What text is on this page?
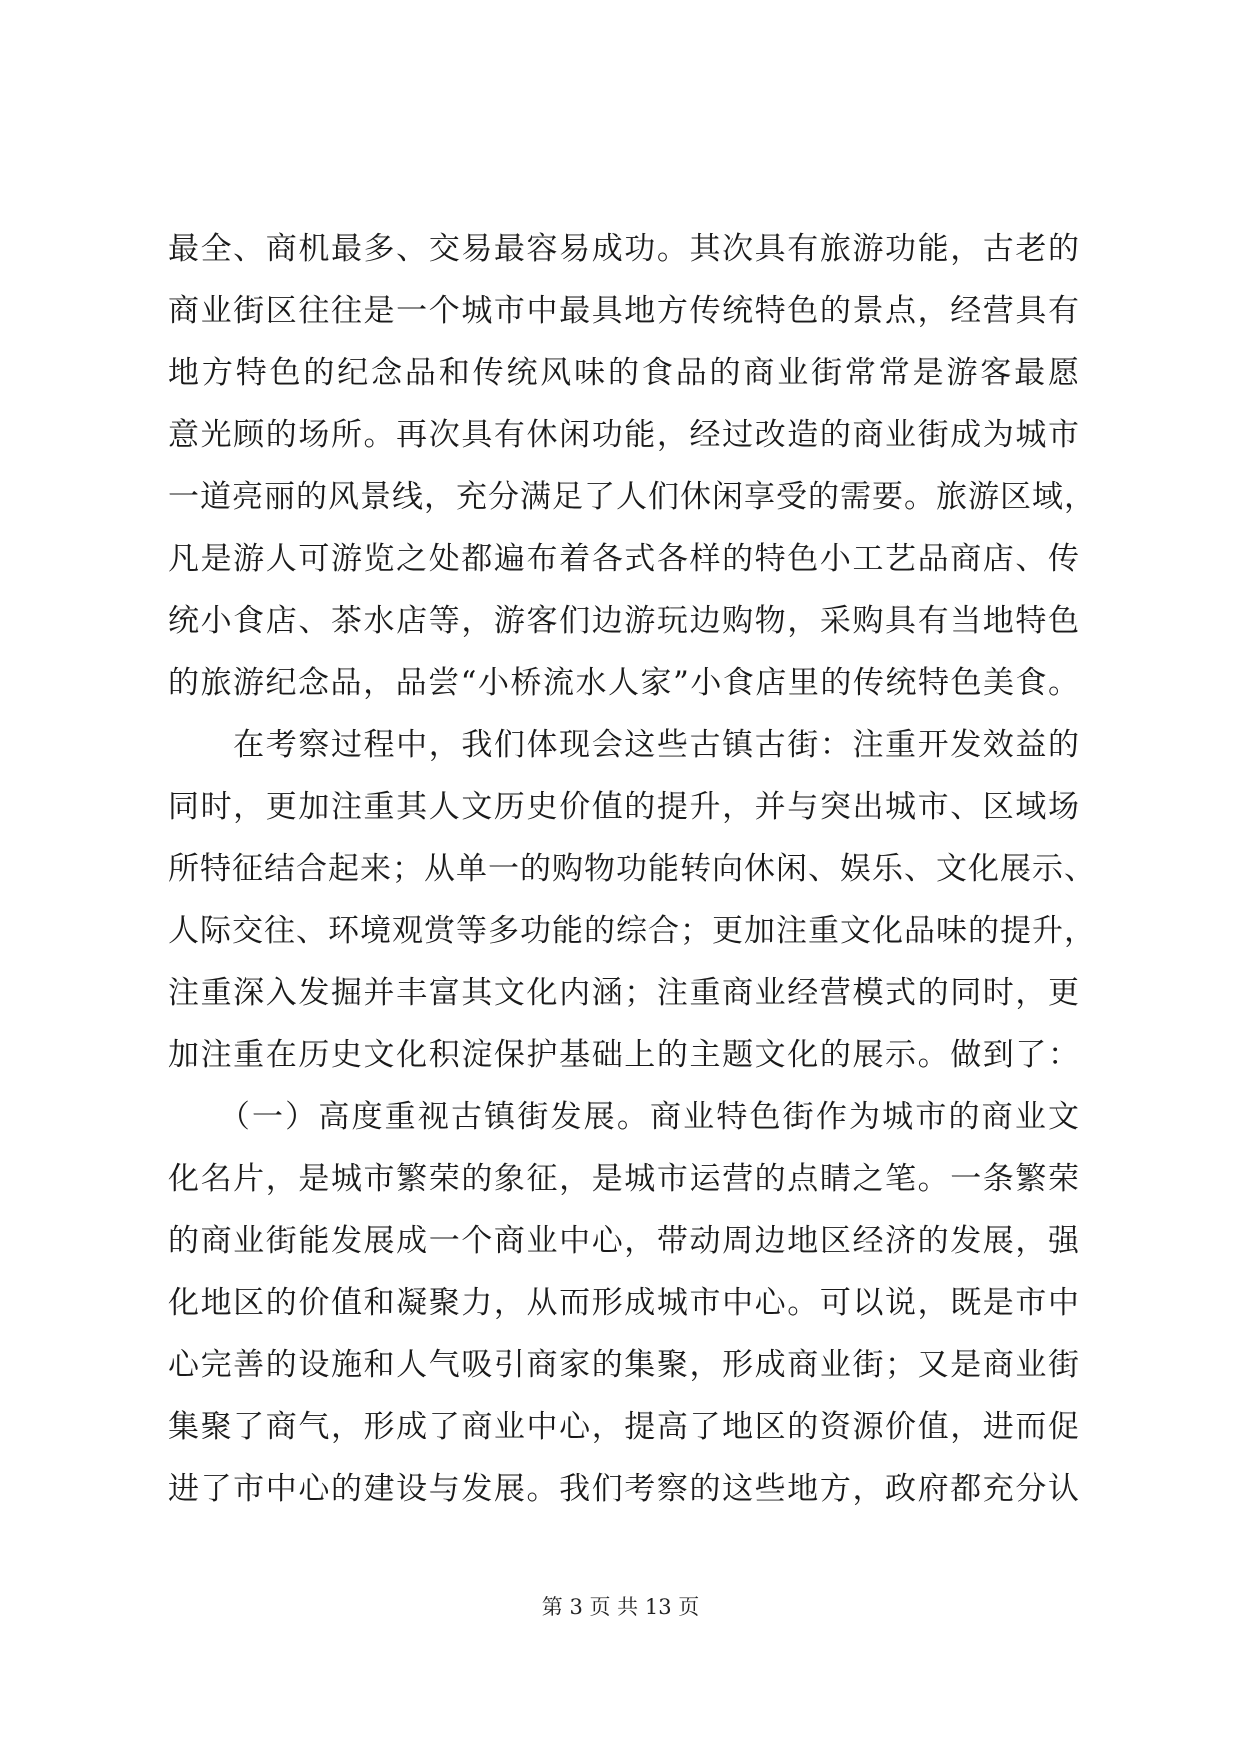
最全、商机最多、交易最容易成功。其次具有旅游功能，古老的
商业街区往往是一个城市中最具地方传统特色的景点，经营具有
地方特色的纪念品和传统风味的食品的商业街常常是游客最愿
意光顾的场所。再次具有休闲功能，经过改造的商业街成为城市
一道亮丽的风景线，充分满足了人们休闲享受的需要。旅游区域，
凡是游人可游览之处都遍布着各式各样的特色小工艺品商店、传
统小食店、茶水店等，游客们边游玩边购物，采购具有当地特色
的旅游纪念品，品尝“小桥流水人家”小食店里的传统特色美食。
　　在考察过程中，我们体现会这些古镇古街：注重开发效益的
同时，更加注重其人文历史价值的提升，并与突出城市、区域场
所特征结合起来；从单一的购物功能转向休闲、娱乐、文化展示、
人际交往、环境观赏等多功能的综合；更加注重文化品味的提升，
注重深入发掘并丰富其文化内涵；注重商业经营模式的同时，更
加注重在历史文化积淀保护基础上的主题文化的展示。做到了：
　　（一）高度重视古镇街发展。商业特色街作为城市的商业文
化名片，是城市繁荣的象征，是城市运营的点睛之笔。一条繁荣
的商业街能发展成一个商业中心，带动周边地区经济的发展，强
化地区的价值和凝聚力，从而形成城市中心。可以说，既是市中
心完善的设施和人气吸引商家的集聚，形成商业街；又是商业街
集聚了商气，形成了商业中心，提高了地区的资源价值，进而促
进了市中心的建设与发展。我们考察的这些地方，政府都充分认
第 3 页 共 13 页
